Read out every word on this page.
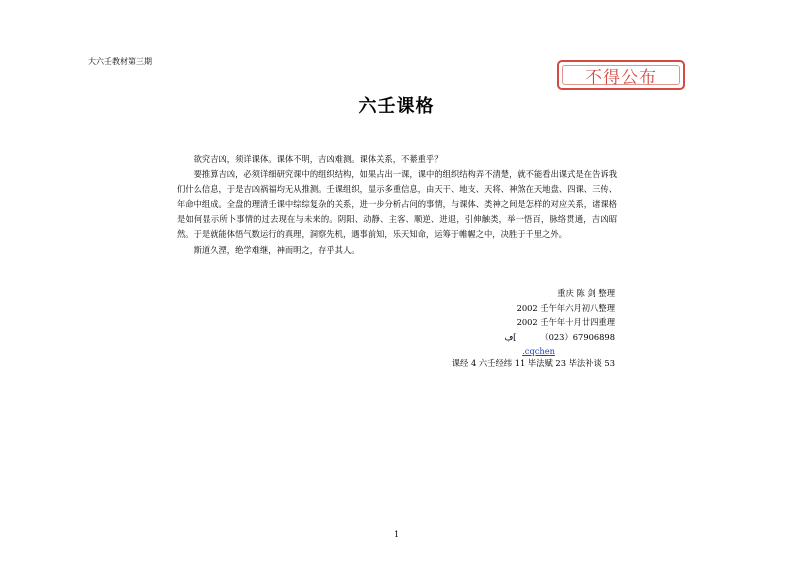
大六壬教材第三期
不得公布
六壬课格

欲究吉凶，须详课体。课体不明，吉凶难测。课体关系，不綦重乎？

要推算吉凶，必须详细研究课中的组织结构，如果占出一课，课中的组织结构弄不清楚，就不能看出课式是在告诉我们什么信息，于是吉凶祸福均无从推测。壬课组织，显示多重信息，由天干、地支、天将、神煞在天地盘、四课、三传、年命中组成。全盘的理清壬课中综综复杂的关系，进一步分析占问的事情，与课体、类神之间是怎样的对应关系，诸课格是如何显示所卜事情的过去现在与未来的。阴阳、动静、主客、顺逆、进退，引伸触类，举一悟百，脉络贯通，吉凶昭然。于是就能体悟气数运行的真理，洞察先机，遇事前知，乐天知命，运筹于帷幄之中，决胜于千里之外。

斯道久湮，绝学难继，神而明之，存乎其人。

重庆 陈 剑 整理
2002 壬午年六月初八整理
2002 壬午年十月廿四重理
ڢ[	（023）67906898
.cqchen
课经 4 六壬经纬 11 毕法赋 23 毕法补谈 53
1
